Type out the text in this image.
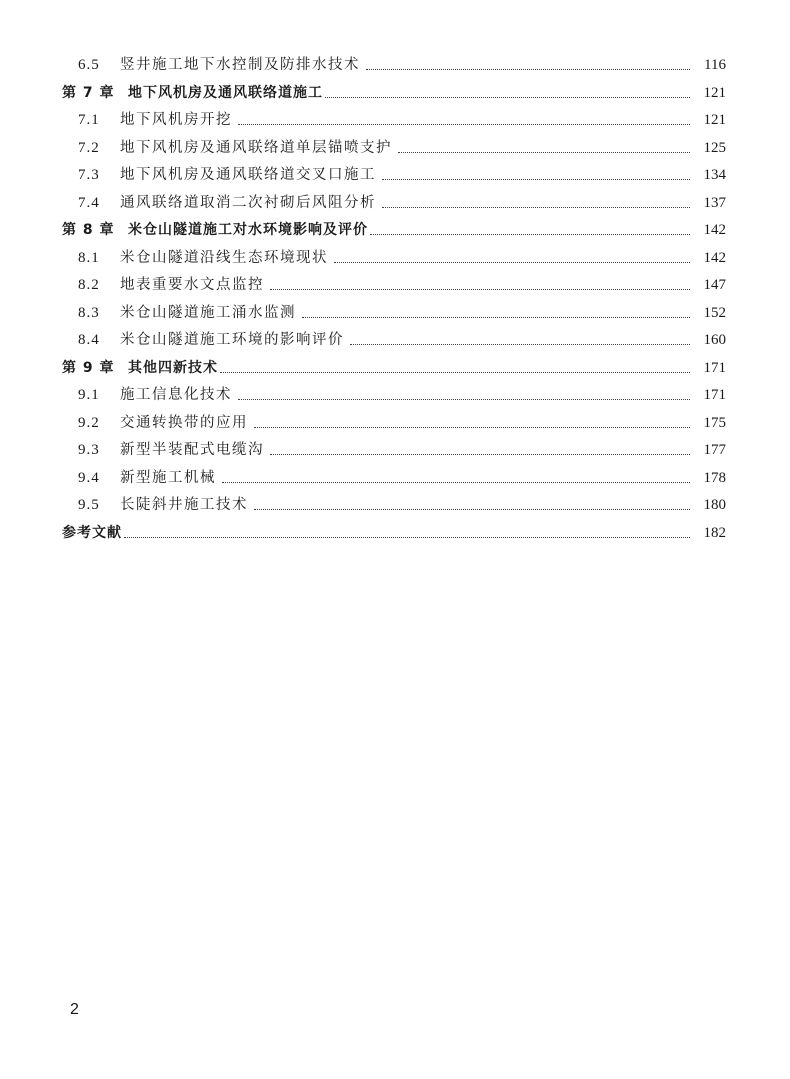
6.5	竖井施工地下水控制及防排水技术	116
第 7 章 地下风机房及通风联络道施工	121
7.1	地下风机房开挖	121
7.2	地下风机房及通风联络道单层锚喷支护	125
7.3	地下风机房及通风联络道交叉口施工	134
7.4	通风联络道取消二次衬砌后风阻分析	137
第 8 章 米仓山隧道施工对水环境影响及评价	142
8.1	米仓山隧道沿线生态环境现状	142
8.2	地表重要水文点监控	147
8.3	米仓山隧道施工涌水监测	152
8.4	米仓山隧道施工环境的影响评价	160
第 9 章 其他四新技术	171
9.1	施工信息化技术	171
9.2	交通转换带的应用	175
9.3	新型半装配式电缆沟	177
9.4	新型施工机械	178
9.5	长陡斜井施工技术	180
参考文献	182
2
